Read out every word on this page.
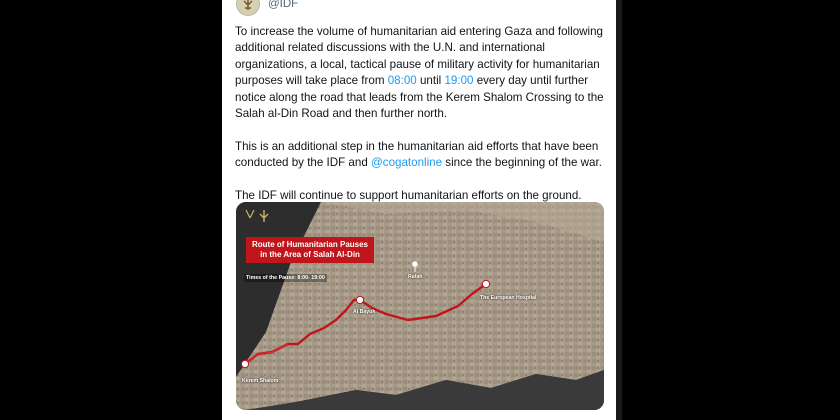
@IDF

To increase the volume of humanitarian aid entering Gaza and following additional related discussions with the U.N. and international organizations, a local, tactical pause of military activity for humanitarian purposes will take place from 08:00 until 19:00 every day until further notice along the road that leads from the Kerem Shalom Crossing to the Salah al-Din Road and then further north.

This is an additional step in the humanitarian aid efforts that have been conducted by the IDF and @cogatonline since the beginning of the war.

The IDF will continue to support humanitarian efforts on the ground.

Route of Humanitarian Pauses
in the Area of Salah Al-Din
Times of the Pause: 8:00- 19:00	Rafah
The European Hospital
Al Bayuk
Kerem Shalom
